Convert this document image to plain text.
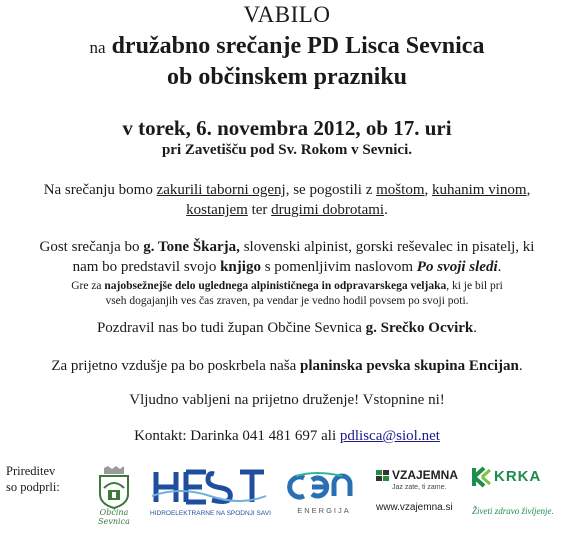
VABILO
na družabno srečanje PD Lisca Sevnica
ob občinskem prazniku
v torek, 6. novembra 2012, ob 17. uri
pri Zavetišču pod Sv. Rokom v Sevnici.
Na srečanju bomo zakurili taborni ogenj, se pogostili z moštom, kuhanim vinom,
kostanjem ter drugimi dobrotami.
Gost srečanja bo g. Tone Škarja, slovenski alpinist, gorski reševalec in pisatelj, ki
nam bo predstavil svojo knjigo s pomenljivim naslovom Po svoji sledi.
Gre za najobsežnejše delo uglednega alpinističnega in odpravarskega veljaka, ki je bil pri
vseh dogajanjih ves čas zraven, pa vendar je vedno hodil povsem po svoji poti.
Pozdravil nas bo tudi župan Občine Sevnica g. Srečko Ocvirk.
Za prijetno vzdušje pa bo poskrbela naša planinska pevska skupina Encijan.
Vljudno vabljeni na prijetno druženje! Vstopnine ni!
Kontakt: Darinka 041 481 697 ali pdlisca@siol.net
Prireditev
so podprli:
Občina Sevnica
HIDROELEKTRARNE NA SPODNJI SAVI	ENERGIJA
VZAJEMNA
Jaz zate, ti zame.
www.vzajemna.si
KRKA
Živeti zdravo življenje.
